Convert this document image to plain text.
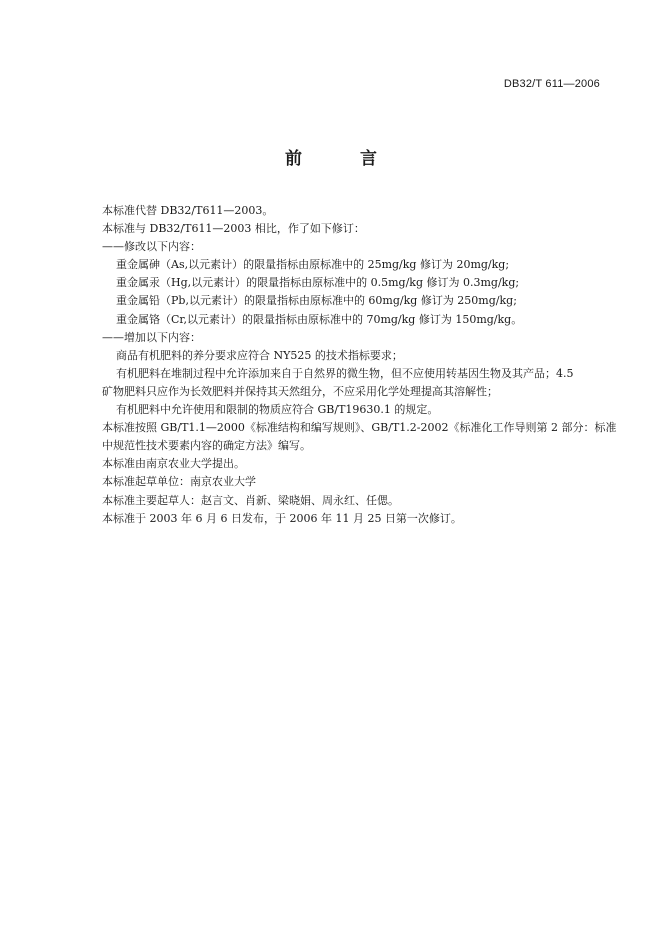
DB32/T 611—2006
前 言
本标准代替 DB32/T611—2003。
本标准与 DB32/T611—2003 相比，作了如下修订：
——修改以下内容：
重金属砷（As,以元素计）的限量指标由原标准中的 25mg/kg 修订为 20mg/kg;
重金属汞（Hg,以元素计）的限量指标由原标准中的 0.5mg/kg 修订为 0.3mg/kg;
重金属铅（Pb,以元素计）的限量指标由原标准中的 60mg/kg 修订为 250mg/kg;
重金属铬（Cr,以元素计）的限量指标由原标准中的 70mg/kg 修订为 150mg/kg。
——增加以下内容：
商品有机肥料的养分要求应符合 NY525 的技术指标要求；
有机肥料在堆制过程中允许添加来自于自然界的微生物，但不应使用转基因生物及其产品；4.5
矿物肥料只应作为长效肥料并保持其天然组分，不应采用化学处理提高其溶解性；
有机肥料中允许使用和限制的物质应符合 GB/T19630.1 的规定。
本标准按照 GB/T1.1—2000《标准结构和编写规则》、GB/T1.2-2002《标准化工作导则第 2 部分：标准中规范性技术要素内容的确定方法》编写。
本标准由南京农业大学提出。
本标准起草单位：南京农业大学
本标准主要起草人：赵言文、肖新、梁晓娟、周永红、任偲。
本标准于 2003 年 6 月 6 日发布，于 2006 年 11 月 25 日第一次修订。
